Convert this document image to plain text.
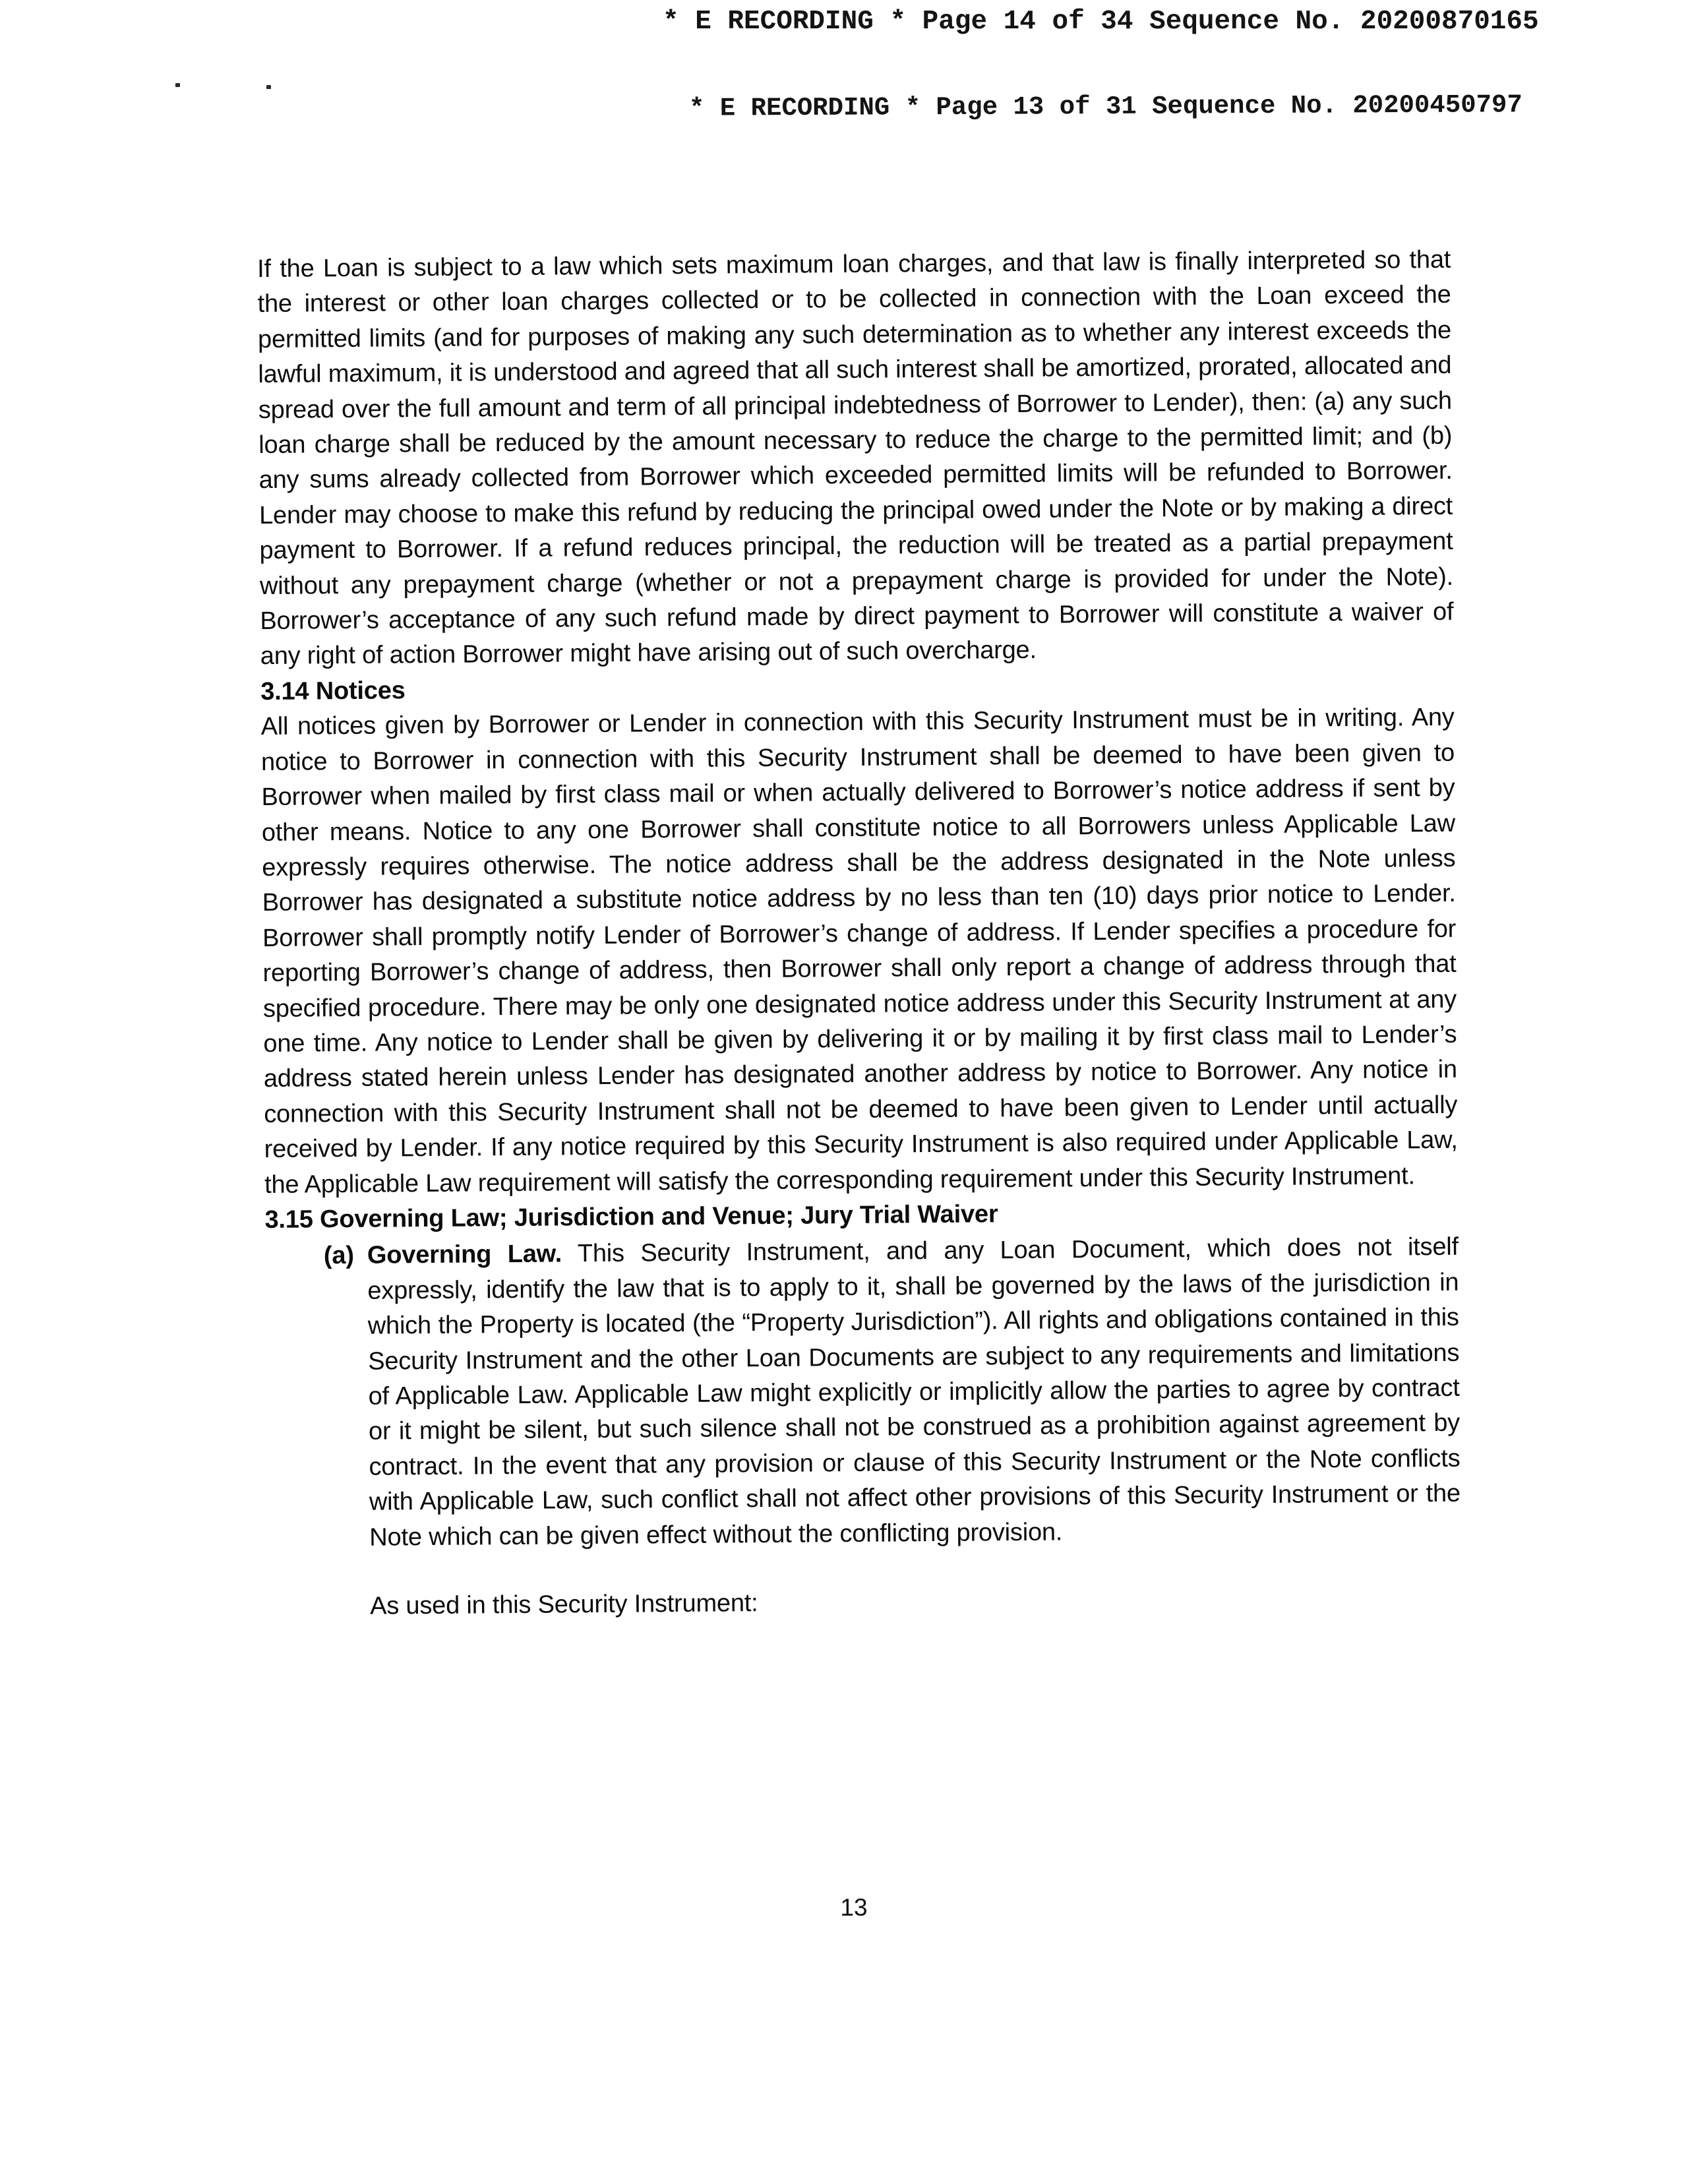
* E RECORDING * Page 14 of 34 Sequence No. 20200870165
* E RECORDING * Page 13 of 31 Sequence No. 20200450797

If the Loan is subject to a law which sets maximum loan charges, and that law is finally interpreted so that the interest or other loan charges collected or to be collected in connection with the Loan exceed the permitted limits (and for purposes of making any such determination as to whether any interest exceeds the lawful maximum, it is understood and agreed that all such interest shall be amortized, prorated, allocated and spread over the full amount and term of all principal indebtedness of Borrower to Lender), then: (a) any such loan charge shall be reduced by the amount necessary to reduce the charge to the permitted limit; and (b) any sums already collected from Borrower which exceeded permitted limits will be refunded to Borrower. Lender may choose to make this refund by reducing the principal owed under the Note or by making a direct payment to Borrower. If a refund reduces principal, the reduction will be treated as a partial prepayment without any prepayment charge (whether or not a prepayment charge is provided for under the Note). Borrower’s acceptance of any such refund made by direct payment to Borrower will constitute a waiver of any right of action Borrower might have arising out of such overcharge.

3.14 Notices

All notices given by Borrower or Lender in connection with this Security Instrument must be in writing. Any notice to Borrower in connection with this Security Instrument shall be deemed to have been given to Borrower when mailed by first class mail or when actually delivered to Borrower’s notice address if sent by other means. Notice to any one Borrower shall constitute notice to all Borrowers unless Applicable Law expressly requires otherwise. The notice address shall be the address designated in the Note unless Borrower has designated a substitute notice address by no less than ten (10) days prior notice to Lender. Borrower shall promptly notify Lender of Borrower’s change of address. If Lender specifies a procedure for reporting Borrower’s change of address, then Borrower shall only report a change of address through that specified procedure. There may be only one designated notice address under this Security Instrument at any one time. Any notice to Lender shall be given by delivering it or by mailing it by first class mail to Lender’s address stated herein unless Lender has designated another address by notice to Borrower. Any notice in connection with this Security Instrument shall not be deemed to have been given to Lender until actually received by Lender. If any notice required by this Security Instrument is also required under Applicable Law, the Applicable Law requirement will satisfy the corresponding requirement under this Security Instrument.

3.15 Governing Law; Jurisdiction and Venue; Jury Trial Waiver

(a) Governing Law. This Security Instrument, and any Loan Document, which does not itself expressly, identify the law that is to apply to it, shall be governed by the laws of the jurisdiction in which the Property is located (the “Property Jurisdiction”). All rights and obligations contained in this Security Instrument and the other Loan Documents are subject to any requirements and limitations of Applicable Law. Applicable Law might explicitly or implicitly allow the parties to agree by contract or it might be silent, but such silence shall not be construed as a prohibition against agreement by contract. In the event that any provision or clause of this Security Instrument or the Note conflicts with Applicable Law, such conflict shall not affect other provisions of this Security Instrument or the Note which can be given effect without the conflicting provision.

As used in this Security Instrument:

13
